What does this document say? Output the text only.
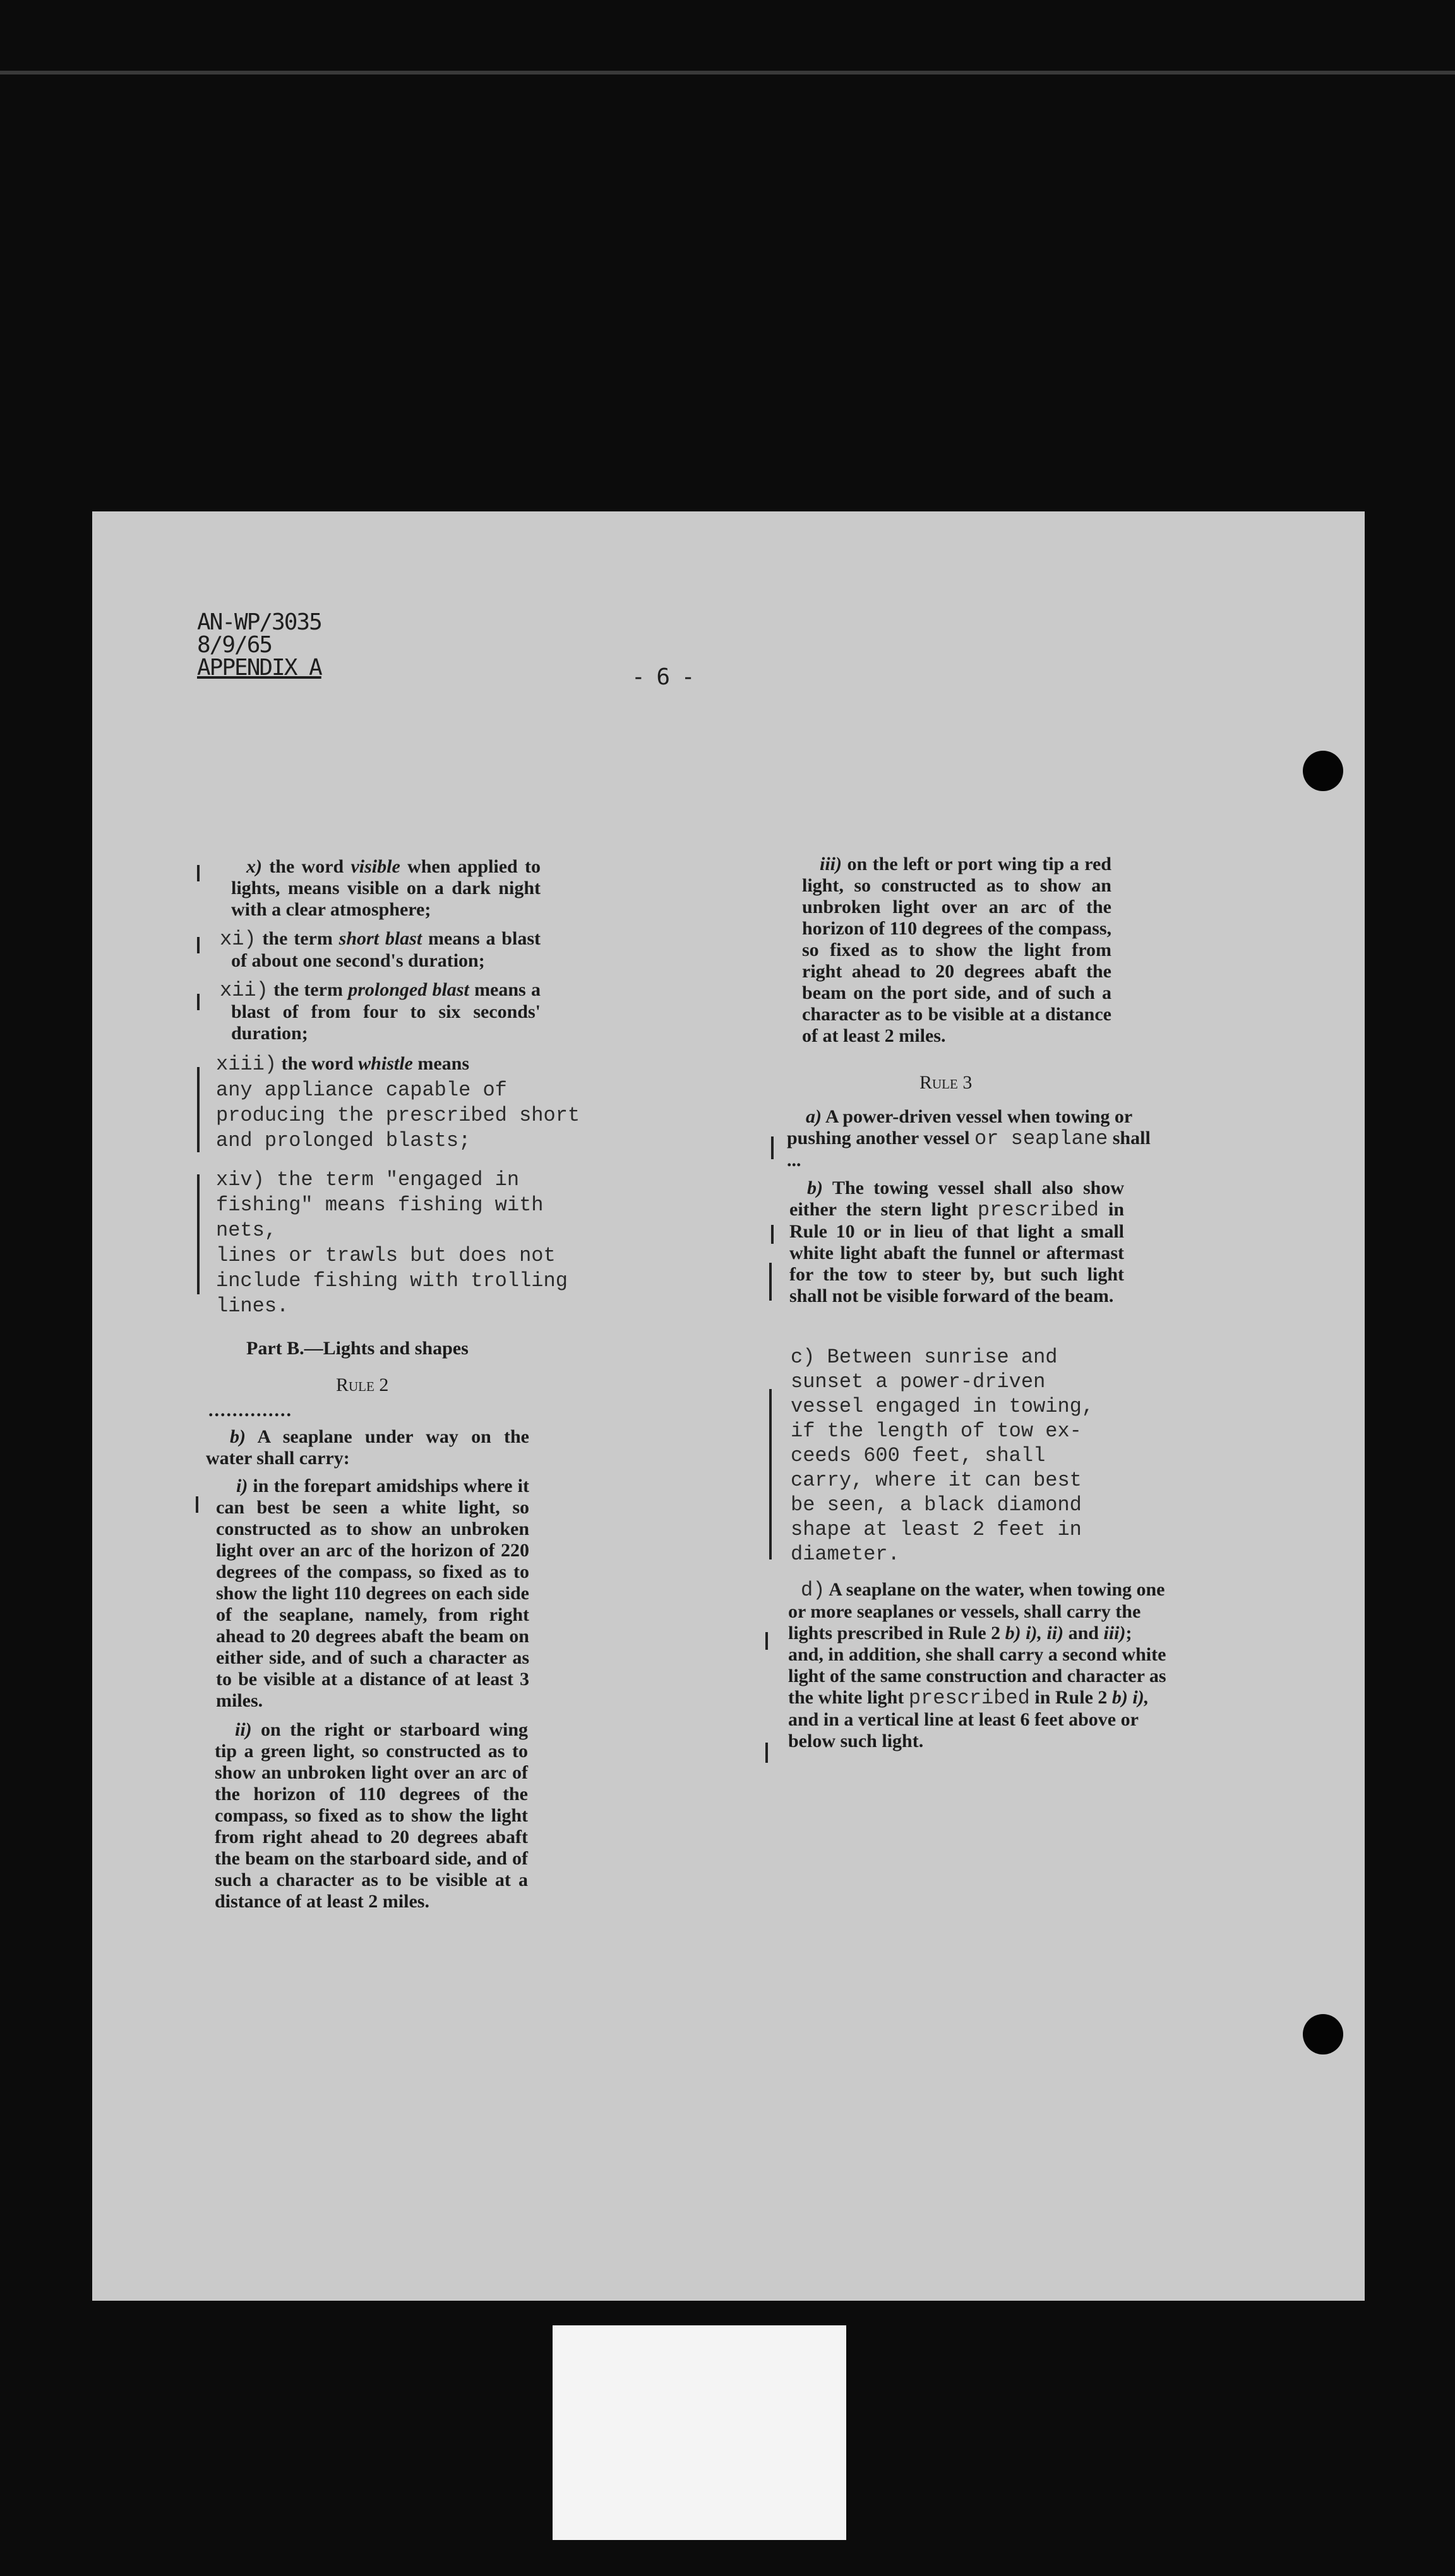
AN-WP/3035
8/9/65
APPENDIX A	- 6 -
x) the word visible when applied to lights, means visible on a dark night with a clear atmosphere;
xi) the term short blast means a blast of about one second's duration;
xii) the term prolonged blast means a blast of from four to six seconds' duration;
xiii) the word whistle means
any appliance capable of
producing the prescribed short
and prolonged blasts;
xiv) the term "engaged in
fishing" means fishing with nets,
lines or trawls but does not
include fishing with trolling
lines.
Part B.—Lights and shapes
Rule 2
..............
b) A seaplane under way on the water shall carry:
i) in the forepart amidships where it can best be seen a white light, so constructed as to show an unbroken light over an arc of the horizon of 220 degrees of the compass, so fixed as to show the light 110 degrees on each side of the seaplane, namely, from right ahead to 20 degrees abaft the beam on either side, and of such a character as to be visible at a distance of at least 3 miles.
ii) on the right or starboard wing tip a green light, so constructed as to show an unbroken light over an arc of the horizon of 110 degrees of the compass, so fixed as to show the light from right ahead to 20 degrees abaft the beam on the starboard side, and of such a character as to be visible at a distance of at least 2 miles.
iii) on the left or port wing tip a red light, so constructed as to show an unbroken light over an arc of the horizon of 110 degrees of the compass, so fixed as to show the light from right ahead to 20 degrees abaft the beam on the port side, and of such a character as to be visible at a distance of at least 2 miles.
Rule 3
a) A power-driven vessel when towing or pushing another vessel or seaplane shall ...
b) The towing vessel shall also show either the stern light prescribed in Rule 10 or in lieu of that light a small white light abaft the funnel or aftermast for the tow to steer by, but such light shall not be visible forward of the beam.
c) Between sunrise and
sunset a power-driven
vessel engaged in towing,
if the length of tow ex-
ceeds 600 feet, shall
carry, where it can best
be seen, a black diamond
shape at least 2 feet in
diameter.
d) A seaplane on the water, when towing one or more seaplanes or vessels, shall carry the lights prescribed in Rule 2 b) i), ii) and iii); and, in addition, she shall carry a second white light of the same construction and character as the white light prescribed in Rule 2 b) i), and in a vertical line at least 6 feet above or below such light.
